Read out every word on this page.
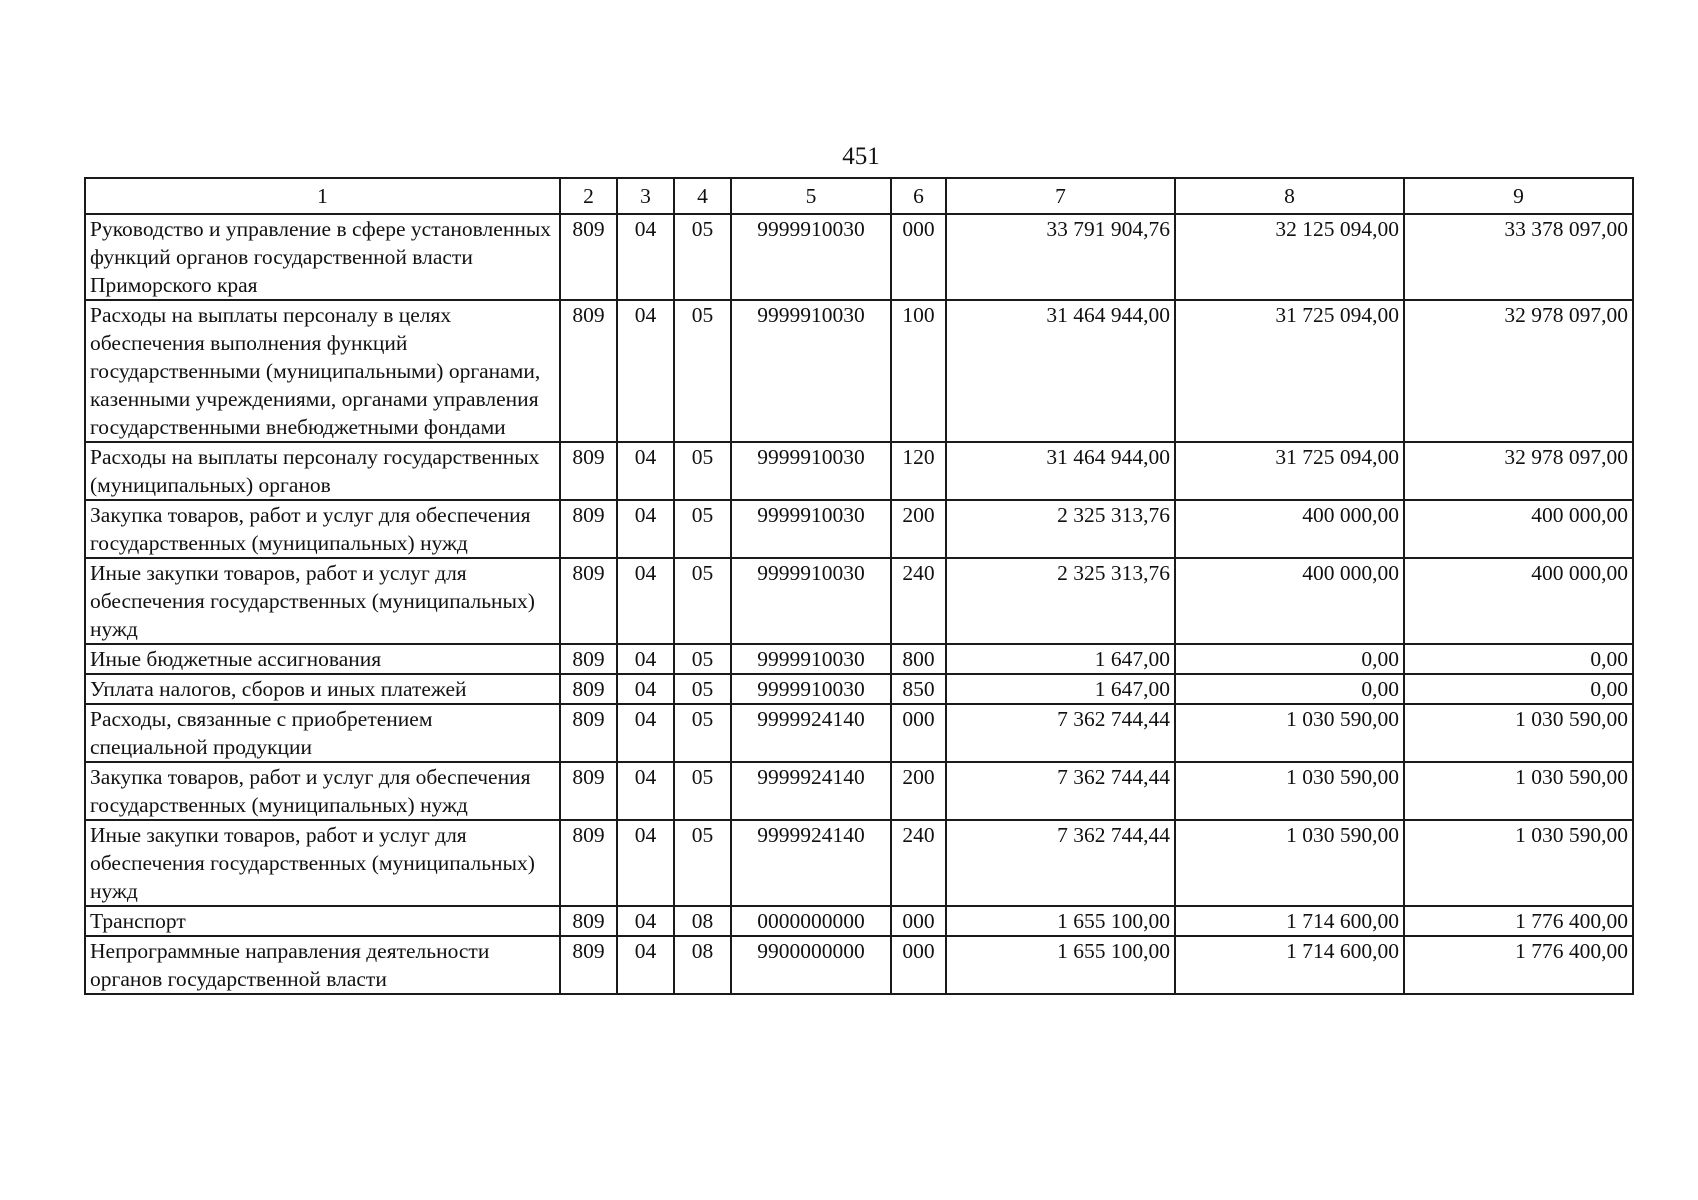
451
1	2	3	4	5	6	7	8	9
Руководство и управление в сфере установленных функций органов государственной власти Приморского края	809	04	05	9999910030	000	33 791 904,76	32 125 094,00	33 378 097,00
Расходы на выплаты персоналу в целях обеспечения выполнения функций государственными (муниципальными) органами, казенными учреждениями, органами управления государственными внебюджетными фондами	809	04	05	9999910030	100	31 464 944,00	31 725 094,00	32 978 097,00
Расходы на выплаты персоналу государственных (муниципальных) органов	809	04	05	9999910030	120	31 464 944,00	31 725 094,00	32 978 097,00
Закупка товаров, работ и услуг для обеспечения государственных (муниципальных) нужд	809	04	05	9999910030	200	2 325 313,76	400 000,00	400 000,00
Иные закупки товаров, работ и услуг для обеспечения государственных (муниципальных) нужд	809	04	05	9999910030	240	2 325 313,76	400 000,00	400 000,00
Иные бюджетные ассигнования	809	04	05	9999910030	800	1 647,00	0,00	0,00
Уплата налогов, сборов и иных платежей	809	04	05	9999910030	850	1 647,00	0,00	0,00
Расходы, связанные с приобретением специальной продукции	809	04	05	9999924140	000	7 362 744,44	1 030 590,00	1 030 590,00
Закупка товаров, работ и услуг для обеспечения государственных (муниципальных) нужд	809	04	05	9999924140	200	7 362 744,44	1 030 590,00	1 030 590,00
Иные закупки товаров, работ и услуг для обеспечения государственных (муниципальных) нужд	809	04	05	9999924140	240	7 362 744,44	1 030 590,00	1 030 590,00
Транспорт	809	04	08	0000000000	000	1 655 100,00	1 714 600,00	1 776 400,00
Непрограммные направления деятельности органов государственной власти	809	04	08	9900000000	000	1 655 100,00	1 714 600,00	1 776 400,00
